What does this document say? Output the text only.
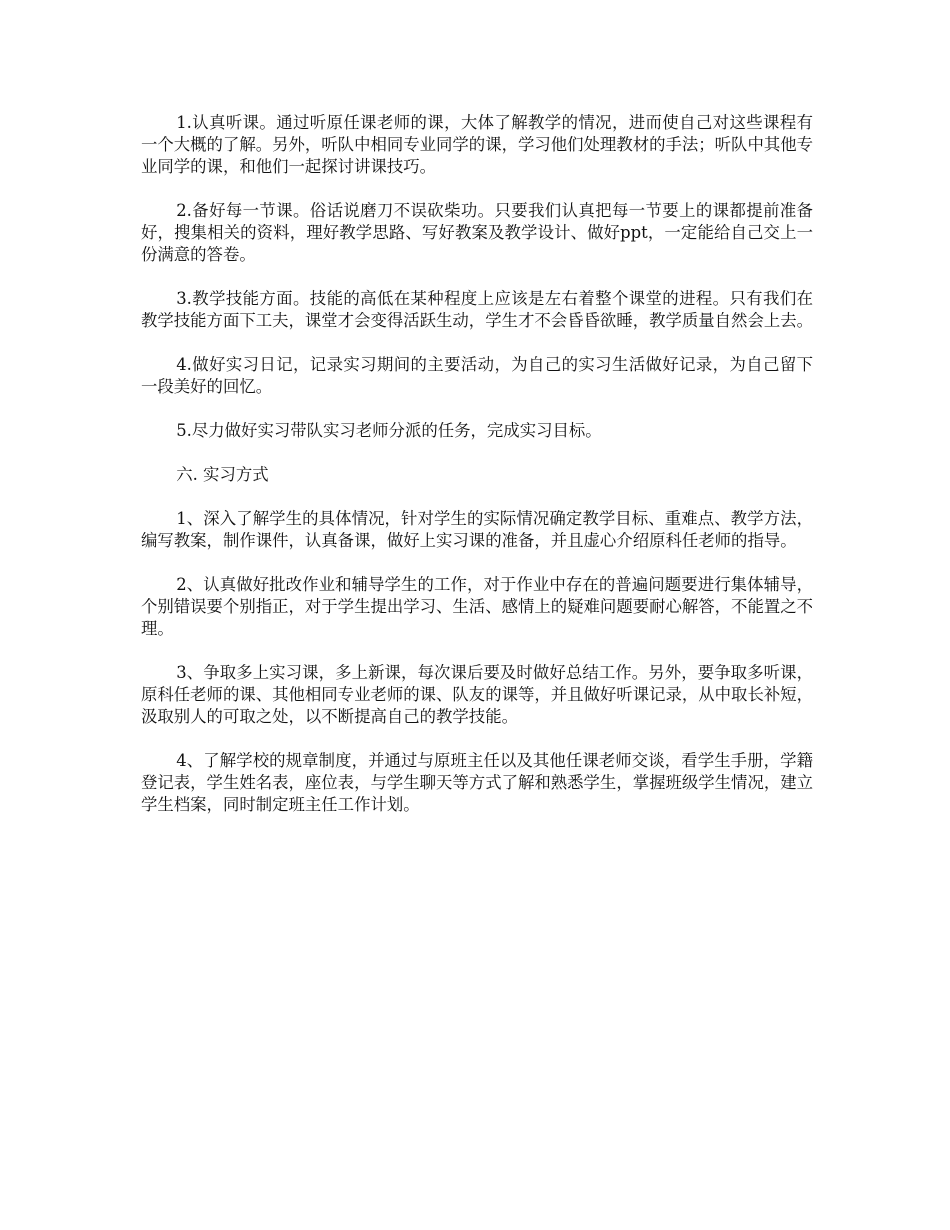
1.认真听课。通过听原任课老师的课，大体了解教学的情况，进而使自己对这些课程有一个大概的了解。另外，听队中相同专业同学的课，学习他们处理教材的手法；听队中其他专业同学的课，和他们一起探讨讲课技巧。

2.备好每一节课。俗话说磨刀不误砍柴功。只要我们认真把每一节要上的课都提前准备好，搜集相关的资料，理好教学思路、写好教案及教学设计、做好ppt，一定能给自己交上一份满意的答卷。

3.教学技能方面。技能的高低在某种程度上应该是左右着整个课堂的进程。只有我们在教学技能方面下工夫，课堂才会变得活跃生动，学生才不会昏昏欲睡，教学质量自然会上去。

4.做好实习日记，记录实习期间的主要活动，为自己的实习生活做好记录，为自己留下一段美好的回忆。

5.尽力做好实习带队实习老师分派的任务，完成实习目标。

六. 实习方式

1、深入了解学生的具体情况，针对学生的实际情况确定教学目标、重难点、教学方法，编写教案，制作课件，认真备课，做好上实习课的准备，并且虚心介绍原科任老师的指导。

2、认真做好批改作业和辅导学生的工作，对于作业中存在的普遍问题要进行集体辅导，个别错误要个别指正，对于学生提出学习、生活、感情上的疑难问题要耐心解答，不能置之不理。

3、争取多上实习课，多上新课，每次课后要及时做好总结工作。另外，要争取多听课，原科任老师的课、其他相同专业老师的课、队友的课等，并且做好听课记录，从中取长补短，汲取别人的可取之处，以不断提高自己的教学技能。

4、了解学校的规章制度，并通过与原班主任以及其他任课老师交谈，看学生手册，学籍登记表，学生姓名表，座位表，与学生聊天等方式了解和熟悉学生，掌握班级学生情况，建立学生档案，同时制定班主任工作计划。
